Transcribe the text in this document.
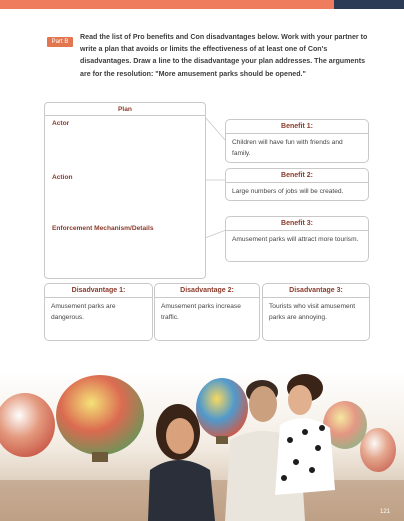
Part B
Read the list of Pro benefits and Con disadvantages below. Work with your partner to write a plan that avoids or limits the effectiveness of at least one of Con's disadvantages. Draw a line to the disadvantage your plan addresses. The arguments are for the resolution: "More amusement parks should be opened."
Plan
Actor
Action
Enforcement Mechanism/Details
Benefit 1:
Children will have fun with friends and family.
Benefit 2:
Large numbers of jobs will be created.
Benefit 3:
Amusement parks will attract more tourism.
Disadvantage 1:
Amusement parks are dangerous.
Disadvantage 2:
Amusement parks increase traffic.
Disadvantage 3:
Tourists who visit amusement parks are annoying.
121
